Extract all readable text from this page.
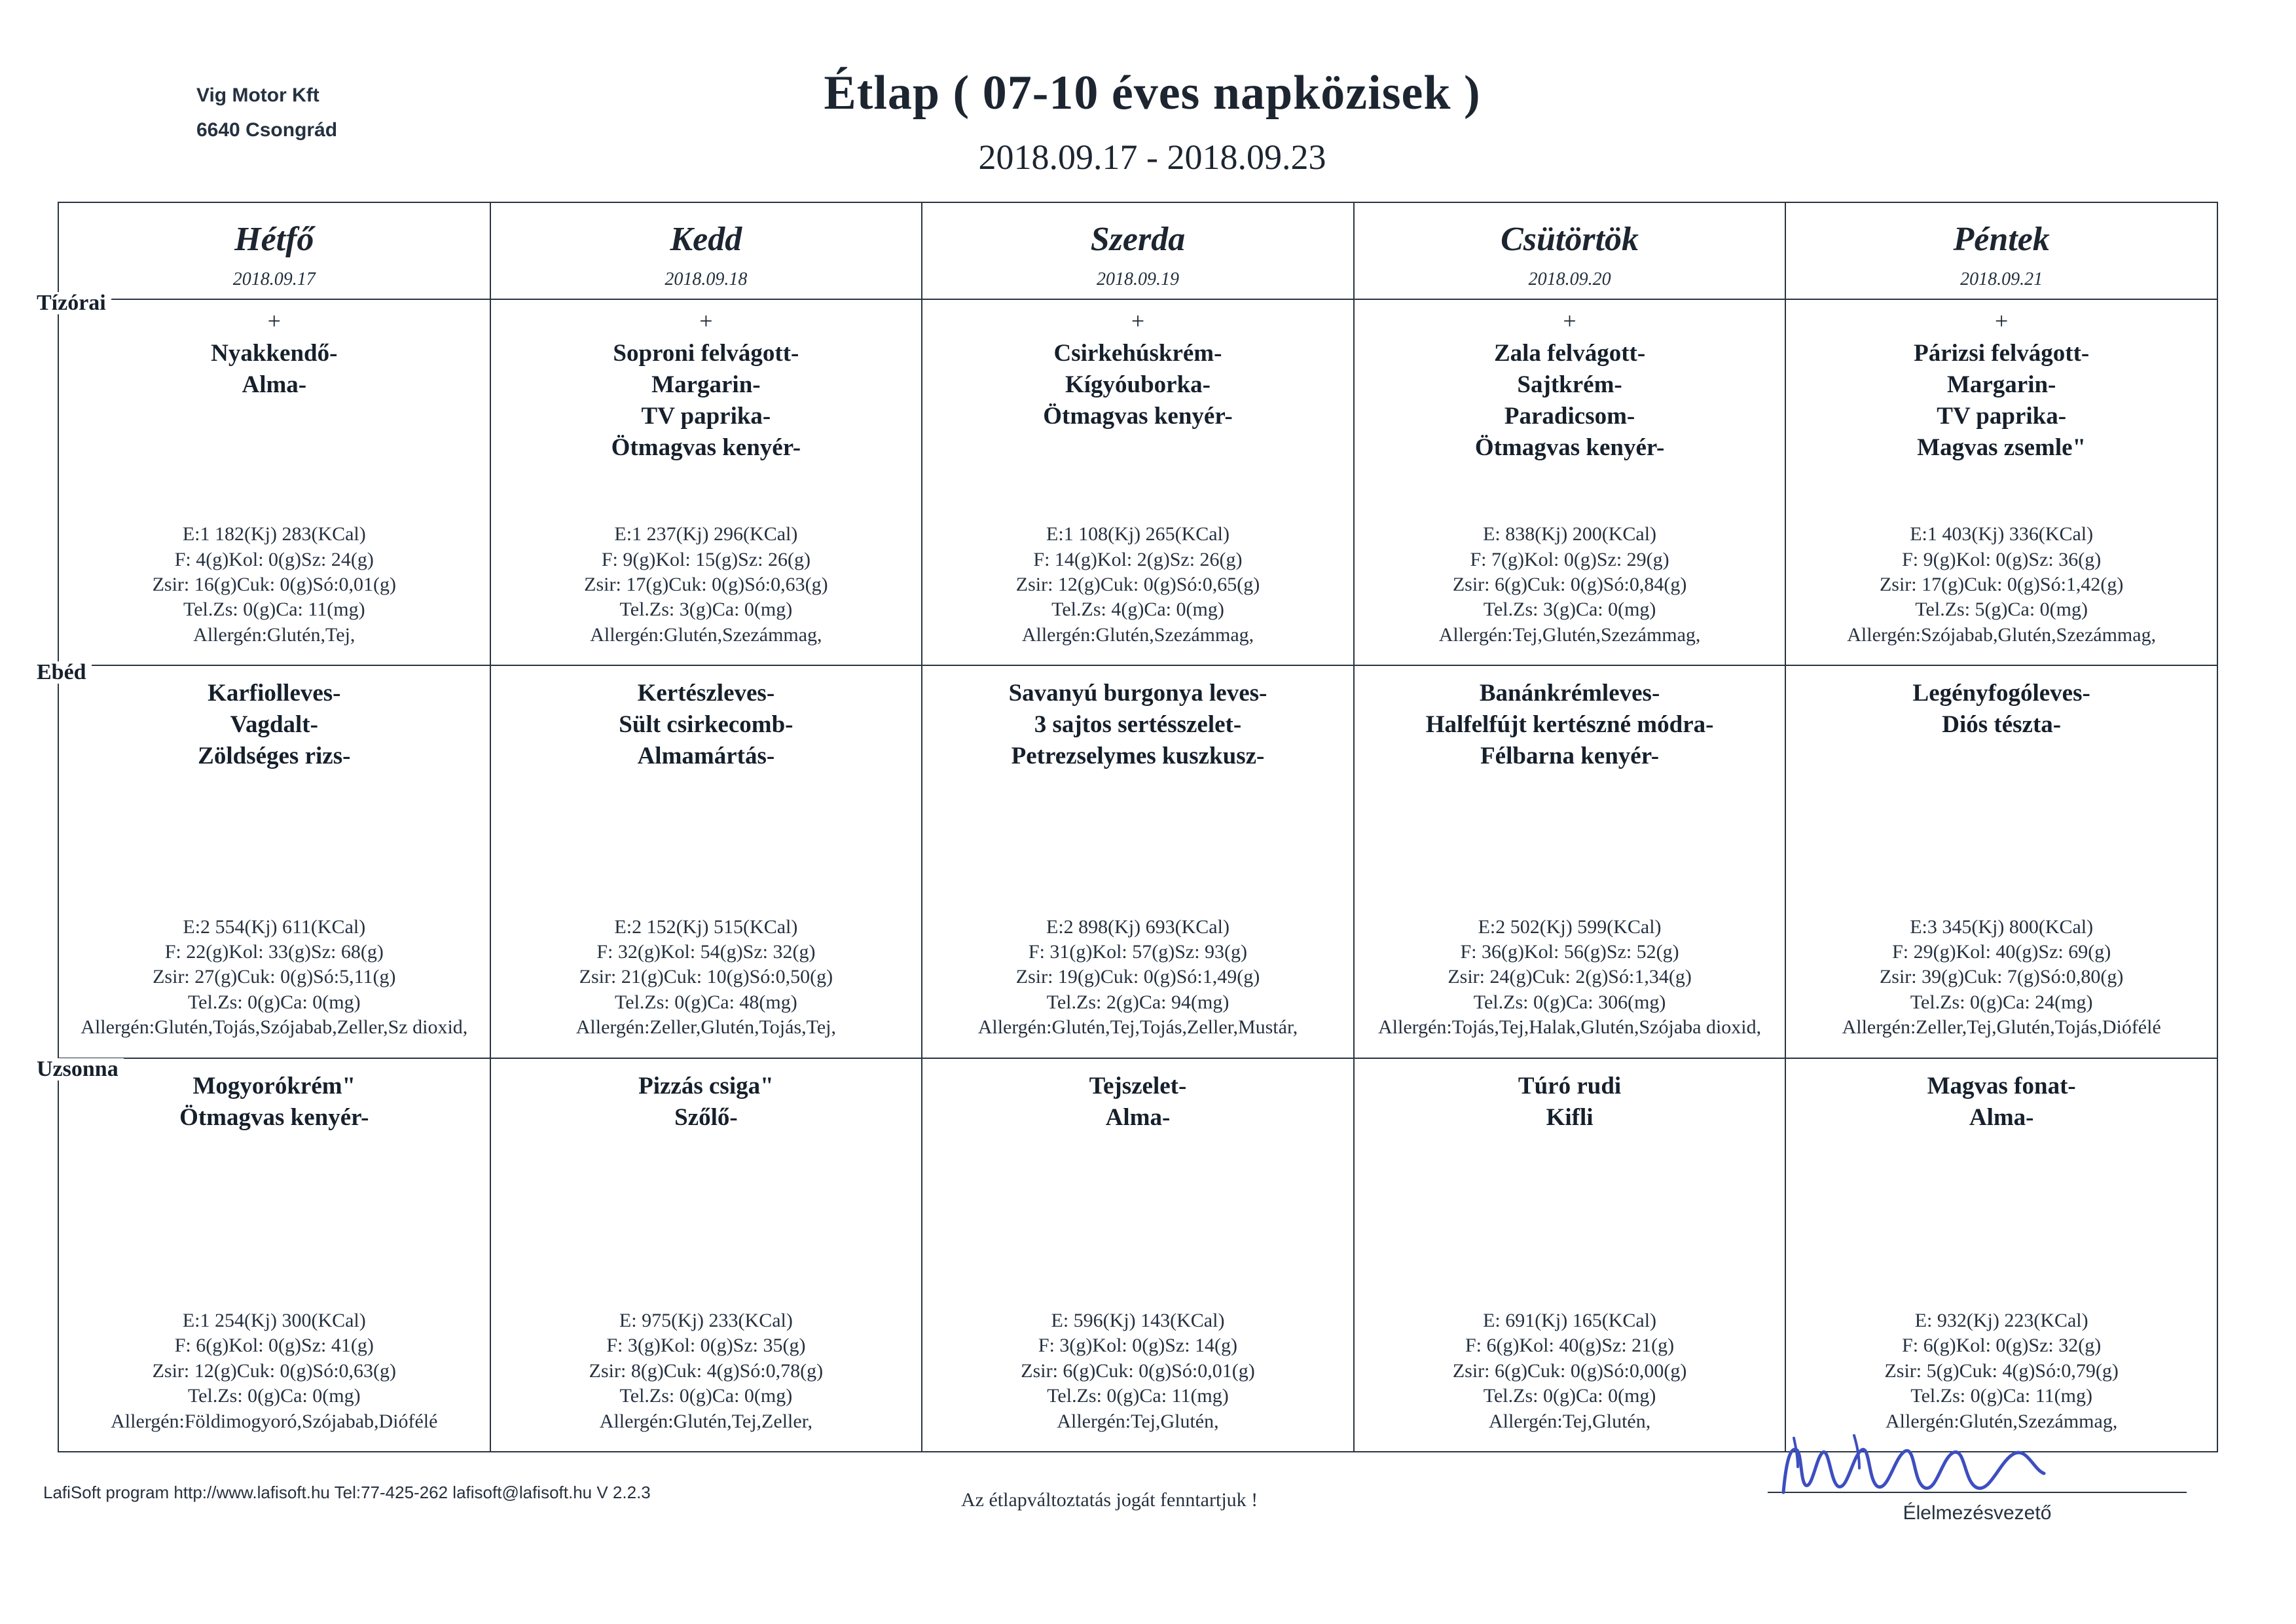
Vig Motor Kft
6640 Csongrád
Étlap ( 07-10 éves napközisek )
2018.09.17 - 2018.09.23
Hétfő
2018.09.17
Kedd
2018.09.18
Szerda
2018.09.19
Csütörtök
2018.09.20
Péntek
2018.09.21
+
Nyakkendő-
Alma-
E:1 182(Kj) 283(KCal)
F: 4(g)Kol: 0(g)Sz: 24(g)
Zsir: 16(g)Cuk: 0(g)Só:0,01(g)
Tel.Zs: 0(g)Ca: 11(mg)
Allergén:Glutén,Tej,
+
Soproni felvágott-
Margarin-
TV paprika-
Ötmagvas kenyér-
E:1 237(Kj) 296(KCal)
F: 9(g)Kol: 15(g)Sz: 26(g)
Zsir: 17(g)Cuk: 0(g)Só:0,63(g)
Tel.Zs: 3(g)Ca: 0(mg)
Allergén:Glutén,Szezámmag,
+
Csirkehúskrém-
Kígyóuborka-
Ötmagvas kenyér-
E:1 108(Kj) 265(KCal)
F: 14(g)Kol: 2(g)Sz: 26(g)
Zsir: 12(g)Cuk: 0(g)Só:0,65(g)
Tel.Zs: 4(g)Ca: 0(mg)
Allergén:Glutén,Szezámmag,
+
Zala felvágott-
Sajtkrém-
Paradicsom-
Ötmagvas kenyér-
E: 838(Kj) 200(KCal)
F: 7(g)Kol: 0(g)Sz: 29(g)
Zsir: 6(g)Cuk: 0(g)Só:0,84(g)
Tel.Zs: 3(g)Ca: 0(mg)
Allergén:Tej,Glutén,Szezámmag,
+
Párizsi felvágott-
Margarin-
TV paprika-
Magvas zsemle"
E:1 403(Kj) 336(KCal)
F: 9(g)Kol: 0(g)Sz: 36(g)
Zsir: 17(g)Cuk: 0(g)Só:1,42(g)
Tel.Zs: 5(g)Ca: 0(mg)
Allergén:Szójabab,Glutén,Szezámmag,
Karfiolleves-
Vagdalt-
Zöldséges rizs-
E:2 554(Kj) 611(KCal)
F: 22(g)Kol: 33(g)Sz: 68(g)
Zsir: 27(g)Cuk: 0(g)Só:5,11(g)
Tel.Zs: 0(g)Ca: 0(mg)
Allergén:Glutén,Tojás,Szójabab,Zeller,Sz dioxid,
Kertészleves-
Sült csirkecomb-
Almamártás-
E:2 152(Kj) 515(KCal)
F: 32(g)Kol: 54(g)Sz: 32(g)
Zsir: 21(g)Cuk: 10(g)Só:0,50(g)
Tel.Zs: 0(g)Ca: 48(mg)
Allergén:Zeller,Glutén,Tojás,Tej,
Savanyú burgonya leves-
3 sajtos sertésszelet-
Petrezselymes kuszkusz-
E:2 898(Kj) 693(KCal)
F: 31(g)Kol: 57(g)Sz: 93(g)
Zsir: 19(g)Cuk: 0(g)Só:1,49(g)
Tel.Zs: 2(g)Ca: 94(mg)
Allergén:Glutén,Tej,Tojás,Zeller,Mustár,
Banánkrémleves-
Halfelfújt kertészné módra-
Félbarna kenyér-
E:2 502(Kj) 599(KCal)
F: 36(g)Kol: 56(g)Sz: 52(g)
Zsir: 24(g)Cuk: 2(g)Só:1,34(g)
Tel.Zs: 0(g)Ca: 306(mg)
Allergén:Tojás,Tej,Halak,Glutén,Szójaba dioxid,
Legényfogóleves-
Diós tészta-
E:3 345(Kj) 800(KCal)
F: 29(g)Kol: 40(g)Sz: 69(g)
Zsir: 39(g)Cuk: 7(g)Só:0,80(g)
Tel.Zs: 0(g)Ca: 24(mg)
Allergén:Zeller,Tej,Glutén,Tojás,Diófélé
Mogyorókrém"
Ötmagvas kenyér-
E:1 254(Kj) 300(KCal)
F: 6(g)Kol: 0(g)Sz: 41(g)
Zsir: 12(g)Cuk: 0(g)Só:0,63(g)
Tel.Zs: 0(g)Ca: 0(mg)
Allergén:Földimogyoró,Szójabab,Diófélé
Pizzás csiga"
Szőlő-
E: 975(Kj) 233(KCal)
F: 3(g)Kol: 0(g)Sz: 35(g)
Zsir: 8(g)Cuk: 4(g)Só:0,78(g)
Tel.Zs: 0(g)Ca: 0(mg)
Allergén:Glutén,Tej,Zeller,
Tejszelet-
Alma-
E: 596(Kj) 143(KCal)
F: 3(g)Kol: 0(g)Sz: 14(g)
Zsir: 6(g)Cuk: 0(g)Só:0,01(g)
Tel.Zs: 0(g)Ca: 11(mg)
Allergén:Tej,Glutén,
Túró rudi
Kifli
E: 691(Kj) 165(KCal)
F: 6(g)Kol: 40(g)Sz: 21(g)
Zsir: 6(g)Cuk: 0(g)Só:0,00(g)
Tel.Zs: 0(g)Ca: 0(mg)
Allergén:Tej,Glutén,
Magvas fonat-
Alma-
E: 932(Kj) 223(KCal)
F: 6(g)Kol: 0(g)Sz: 32(g)
Zsir: 5(g)Cuk: 4(g)Só:0,79(g)
Tel.Zs: 0(g)Ca: 11(mg)
Allergén:Glutén,Szezámmag,
Tízórai
Ebéd
Uzsonna
LafiSoft program http://www.lafisoft.hu Tel:77-425-262 lafisoft@lafisoft.hu V 2.2.3	Az étlapváltoztatás jogát fenntartjuk !
Élelmezésvezető
